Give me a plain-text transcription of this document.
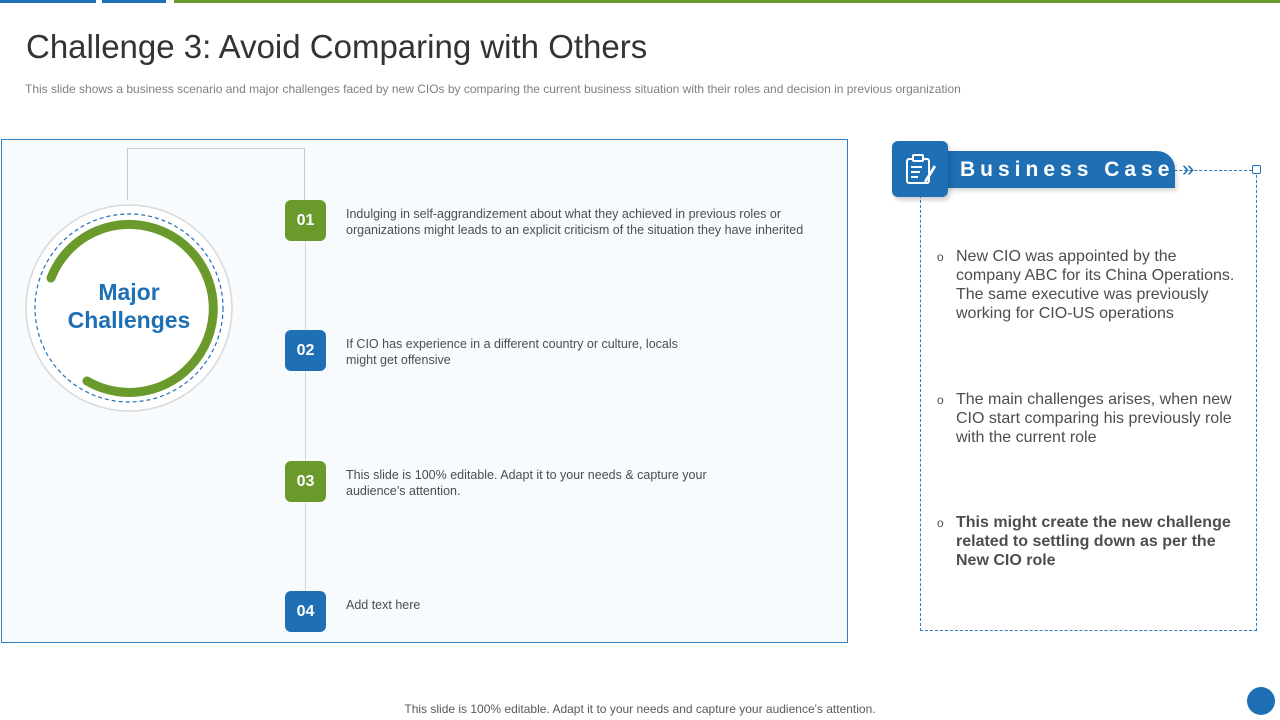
Challenge 3: Avoid Comparing with Others

This slide shows a business scenario and major challenges faced by new CIOs by comparing the current business situation with their roles and decision in previous organization

Major
Challenges
01	Indulging in self-aggrandizement about what they achieved in previous roles or organizations might leads to an explicit criticism of the situation they have inherited
02	If CIO has experience in a different country or culture, locals might get offensive
03	This slide is 100% editable. Adapt it to your needs & capture your audience’s attention.
04	Add text here
Business Case »
o New CIO was appointed by the company ABC for its China Operations. The same executive was previously working for CIO-US operations
o The main challenges arises, when new CIO start comparing his previously role with the current role
o This might create the new challenge related to settling down as per the New CIO role
This slide is 100% editable. Adapt it to your needs and capture your audience's attention.
